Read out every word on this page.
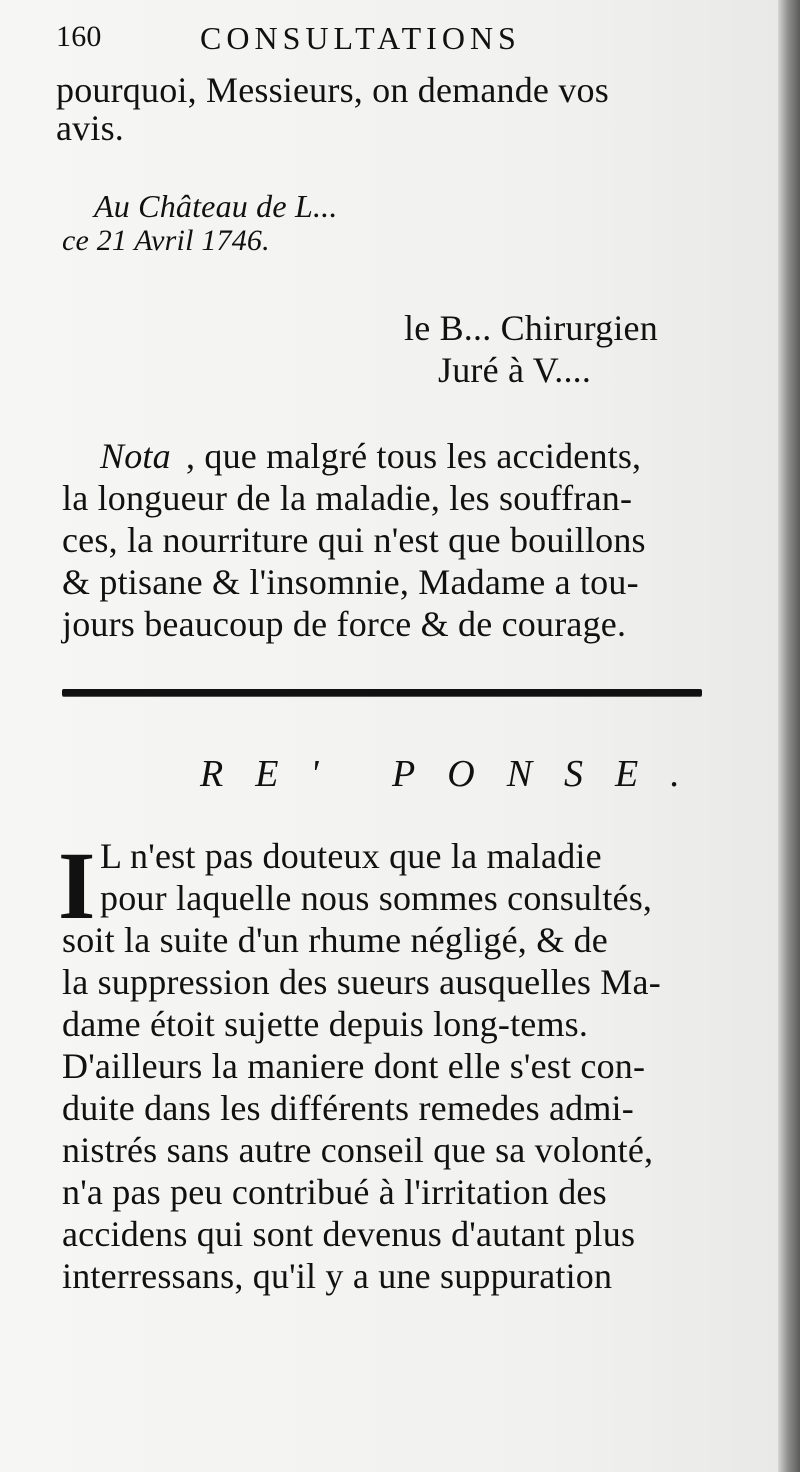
160	CONSULTATIONS
pourquoi, Messieurs, on demande vos
avis.
Au Château de L...
ce 21 Avril 1746.
le B... Chirurgien
Juré à V....
Nota , que malgré tous les accidents,
la longueur de la maladie, les souffran-
ces, la nourriture qui n'est que bouillons
& ptisane & l'insomnie, Madame a tou-
jours beaucoup de force & de courage.
RE' PONSE.
I L n'est pas douteux que la maladie
pour laquelle nous sommes consultés,
soit la suite d'un rhume négligé, & de
la suppression des sueurs ausquelles Ma-
dame étoit sujette depuis long-tems.
D'ailleurs la maniere dont elle s'est con-
duite dans les différents remedes admi-
nistrés sans autre conseil que sa volonté,
n'a pas peu contribué à l'irritation des
accidens qui sont devenus d'autant plus
interressans, qu'il y a une suppuration
